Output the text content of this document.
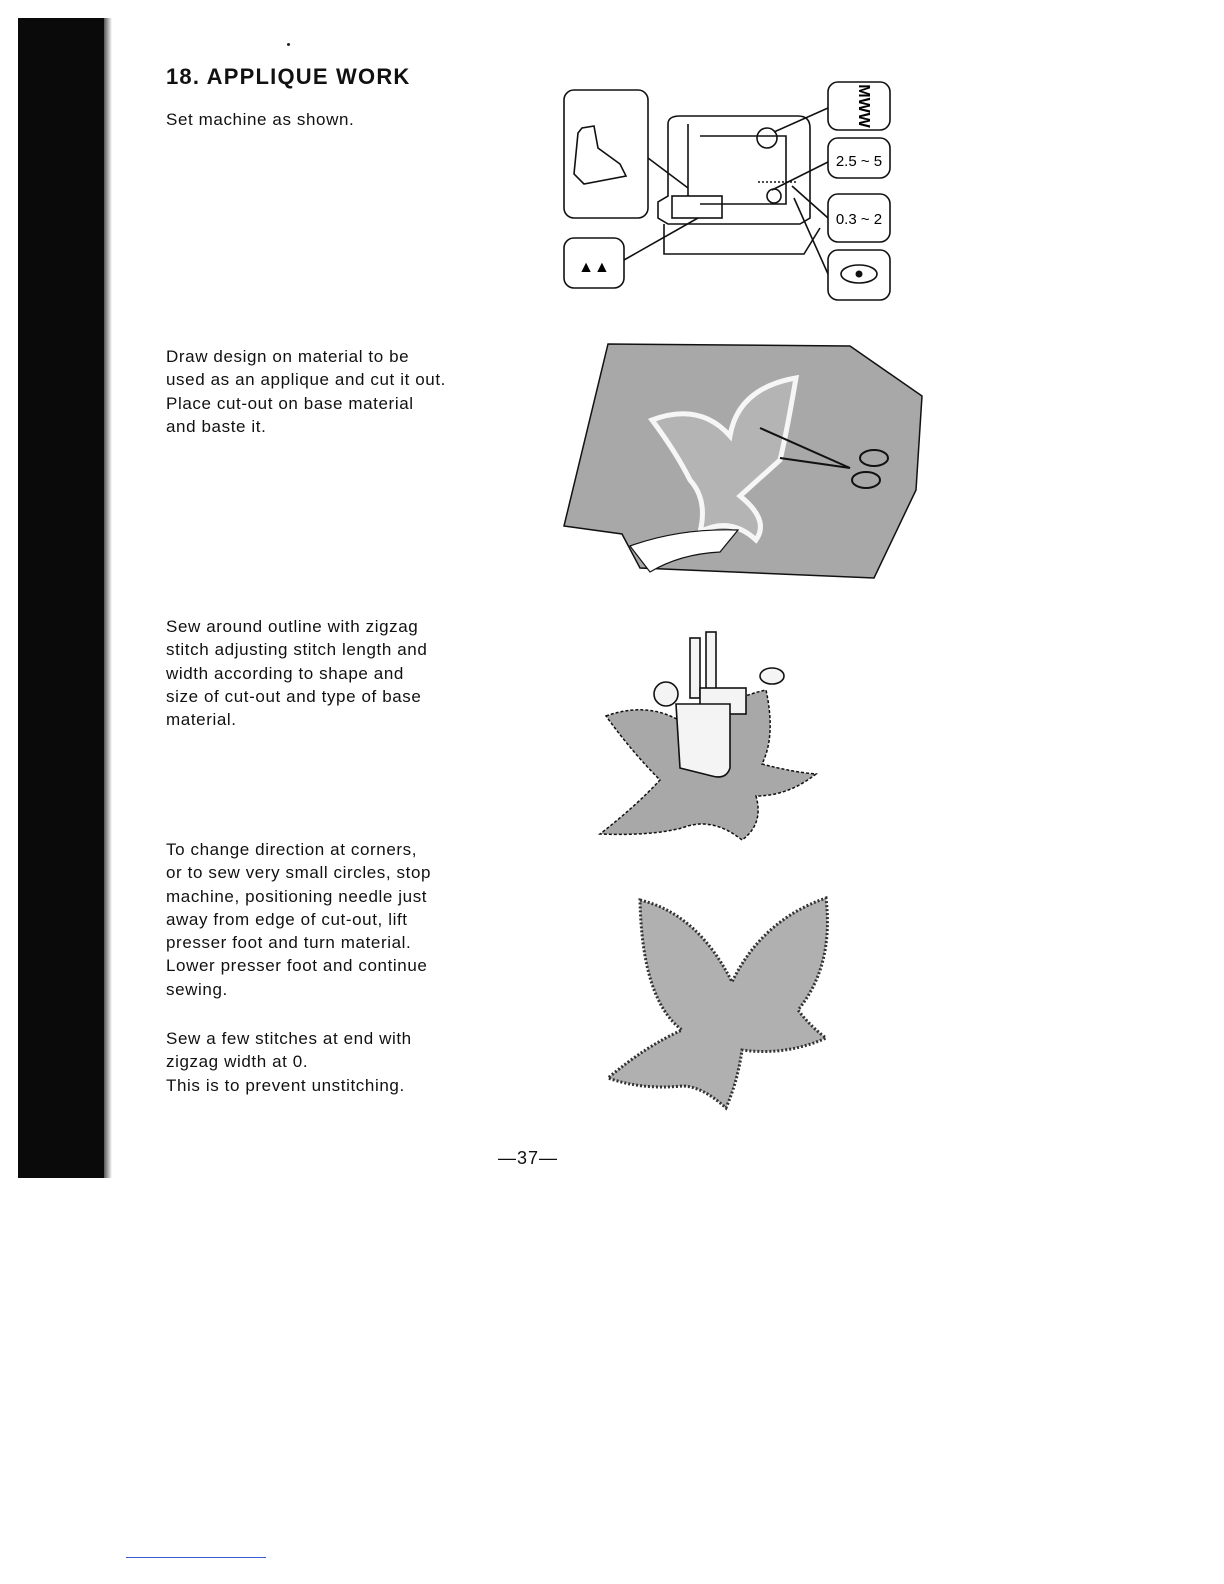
18. APPLIQUE WORK

Set machine as shown.

Draw design on material to be
used as an applique and cut it out.
Place cut-out on base material
and baste it.

Sew around outline with zigzag
stitch adjusting stitch length and
width according to shape and
size of cut-out and type of base
material.

To change direction at corners,
or to sew very small circles, stop
machine, positioning needle just
away from edge of cut-out, lift
presser foot and turn material.
Lower presser foot and continue
sewing.

Sew a few stitches at end with
zigzag width at 0.
This is to prevent unstitching.

MWW
2.5 ~ 5
0.3 ~ 2
▲▲
—37—
